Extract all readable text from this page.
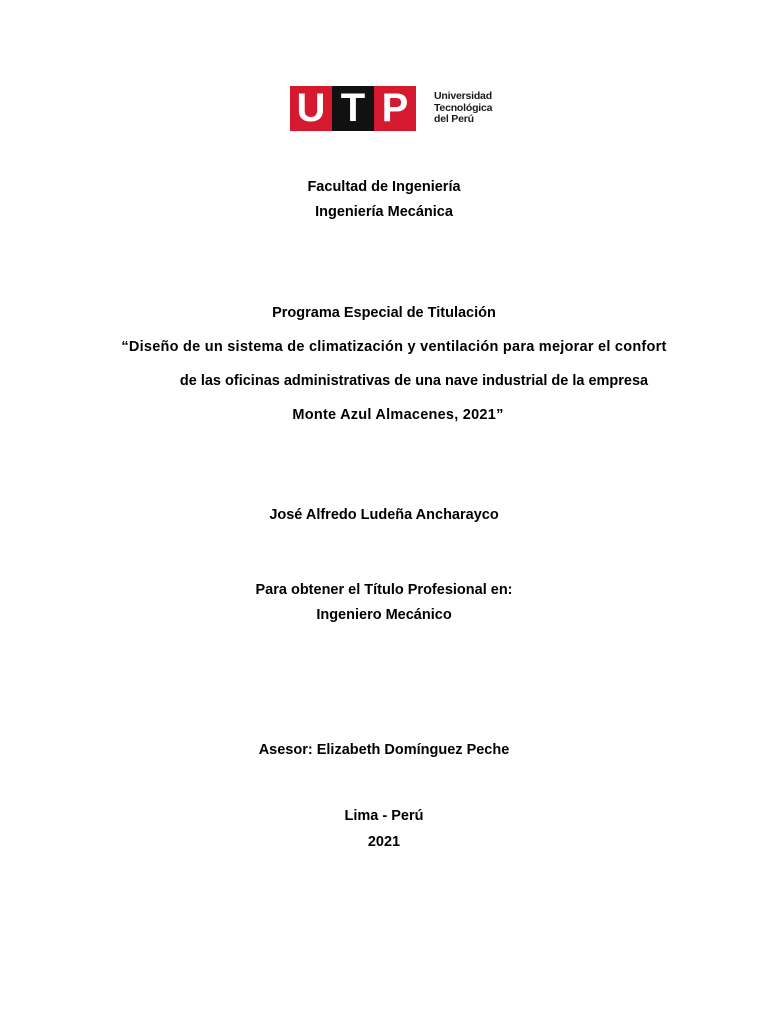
U T P	Universidad
Tecnológica
del Perú
Facultad de Ingeniería
Ingeniería Mecánica
Programa Especial de Titulación
“Diseño de un sistema de climatización y ventilación para mejorar el confort
de las oficinas administrativas de una nave industrial de la empresa
Monte Azul Almacenes, 2021”
José Alfredo Ludeña Ancharayco
Para obtener el Título Profesional en:
Ingeniero Mecánico
Asesor: Elizabeth Domínguez Peche
Lima - Perú
2021
